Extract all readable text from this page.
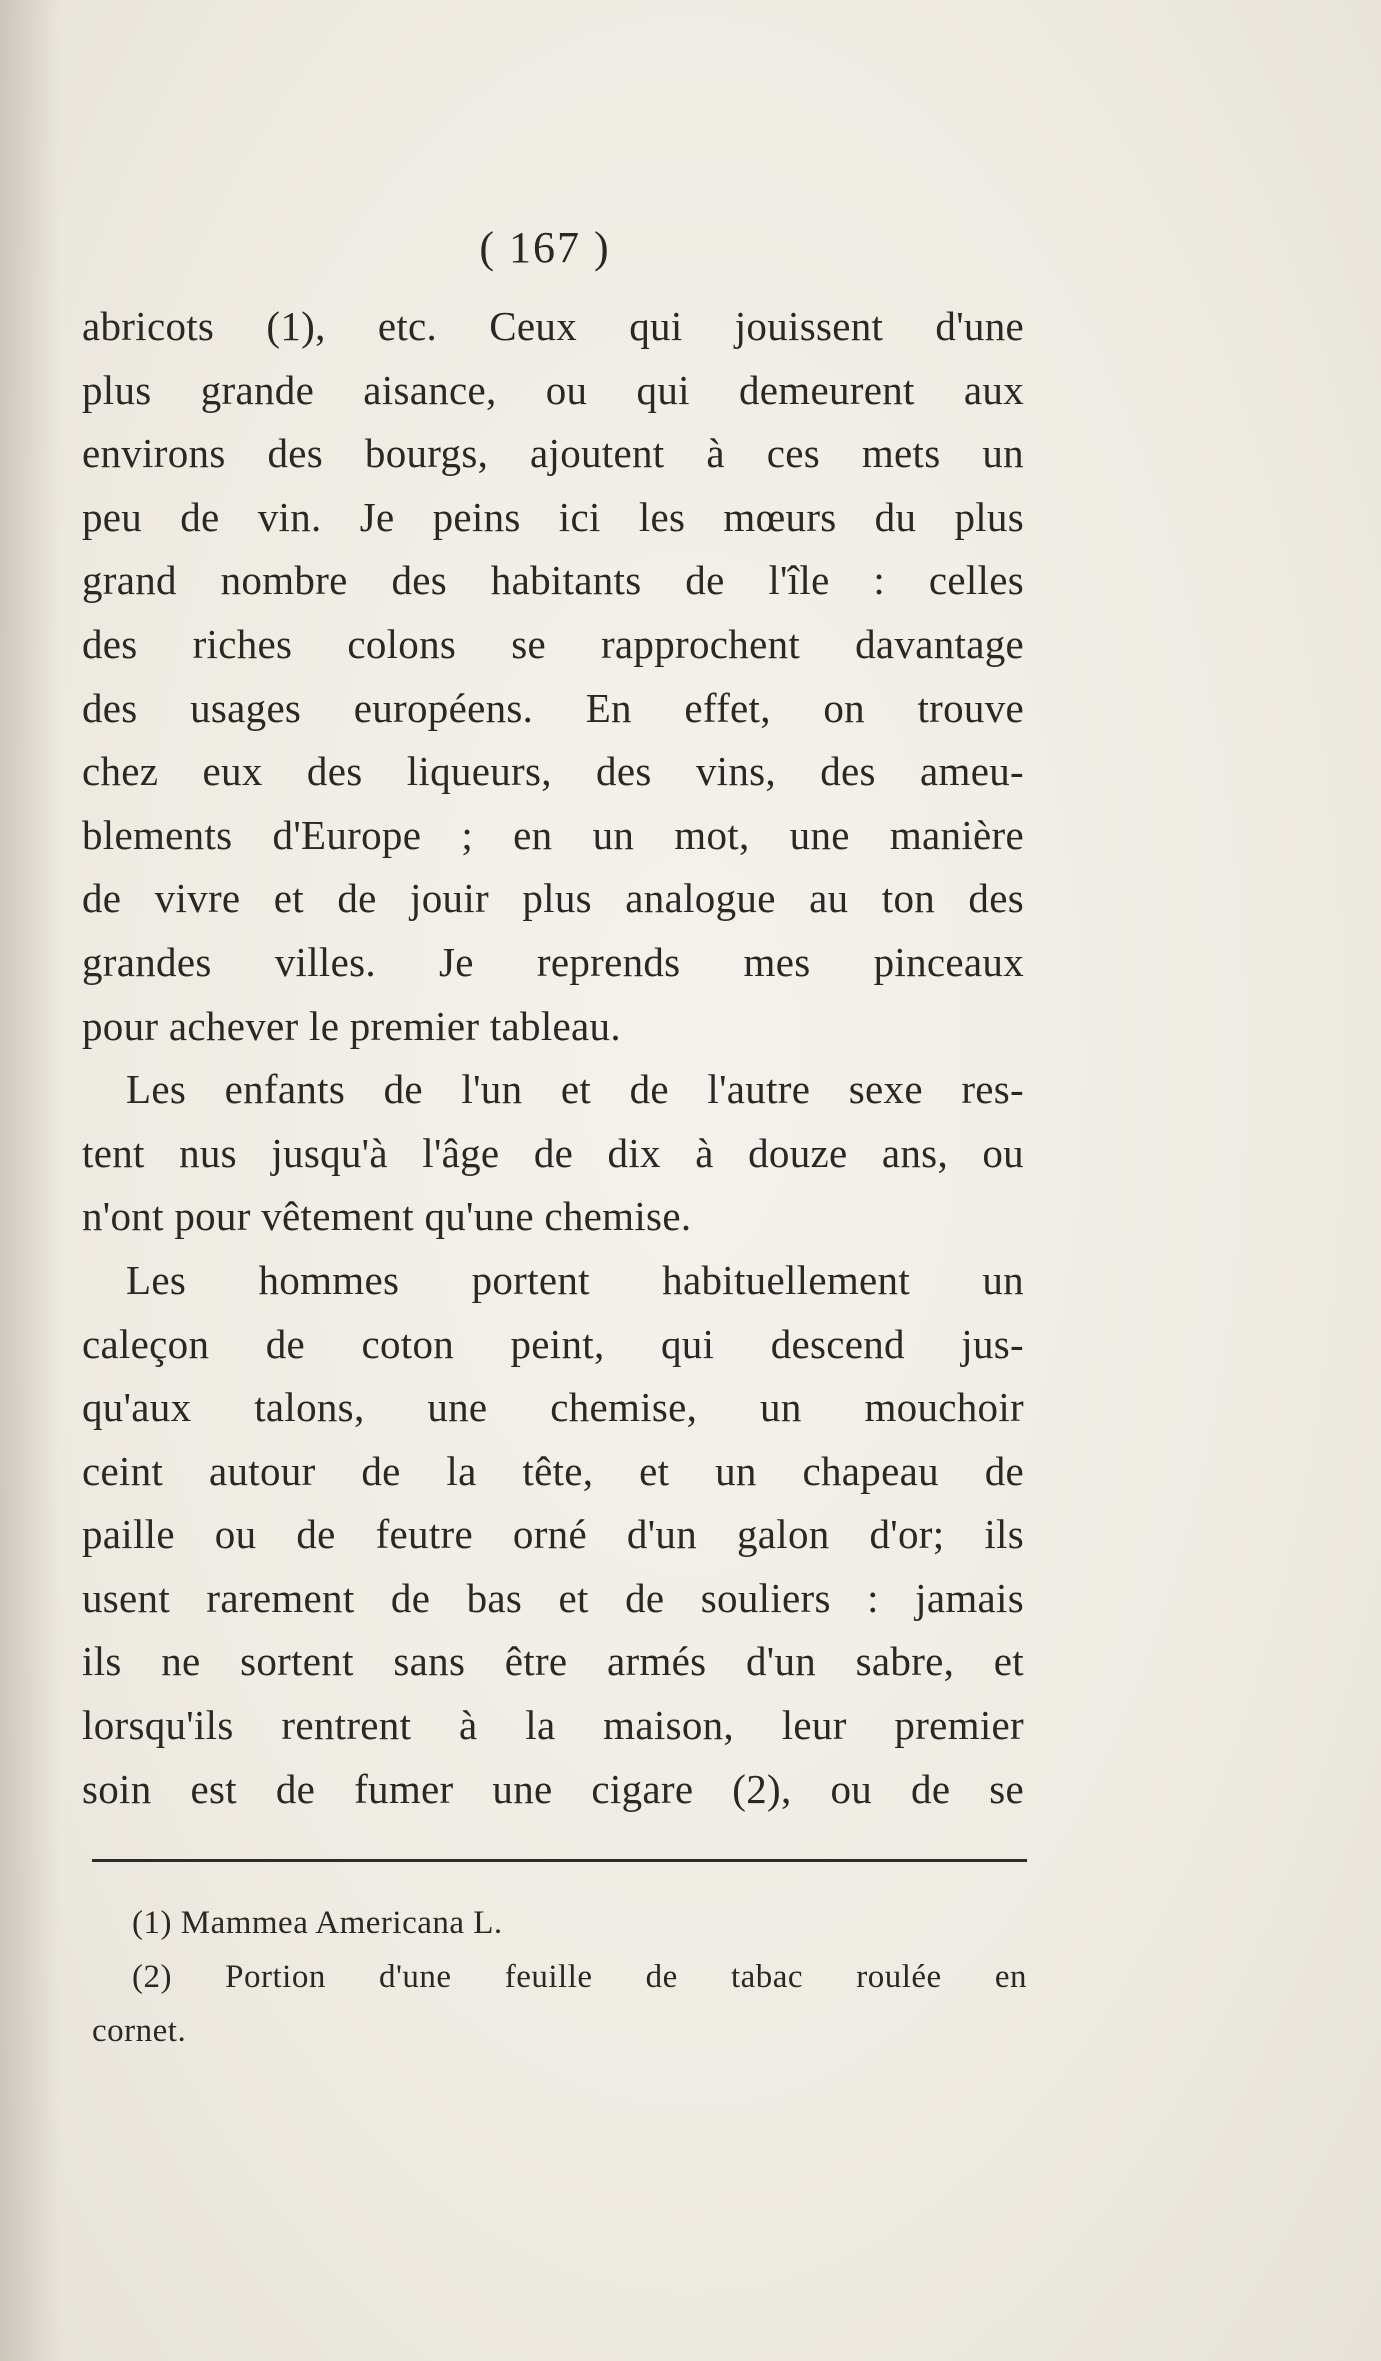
( 167 )
abricots (1), etc. Ceux qui jouissent d'une
plus grande aisance, ou qui demeurent aux
environs des bourgs, ajoutent à ces mets un
peu de vin. Je peins ici les mœurs du plus
grand nombre des habitants de l'île : celles
des riches colons se rapprochent davantage
des usages européens. En effet, on trouve
chez eux des liqueurs, des vins, des ameu-
blements d'Europe ; en un mot, une manière
de vivre et de jouir plus analogue au ton des
grandes villes. Je reprends mes pinceaux
pour achever le premier tableau.
Les enfants de l'un et de l'autre sexe res-
tent nus jusqu'à l'âge de dix à douze ans, ou
n'ont pour vêtement qu'une chemise.
Les hommes portent habituellement un
caleçon de coton peint, qui descend jus-
qu'aux talons, une chemise, un mouchoir
ceint autour de la tête, et un chapeau de
paille ou de feutre orné d'un galon d'or; ils
usent rarement de bas et de souliers : jamais
ils ne sortent sans être armés d'un sabre, et
lorsqu'ils rentrent à la maison, leur premier
soin est de fumer une cigare (2), ou de se
(1) Mammea Americana L.
(2) Portion d'une feuille de tabac roulée en
cornet.
